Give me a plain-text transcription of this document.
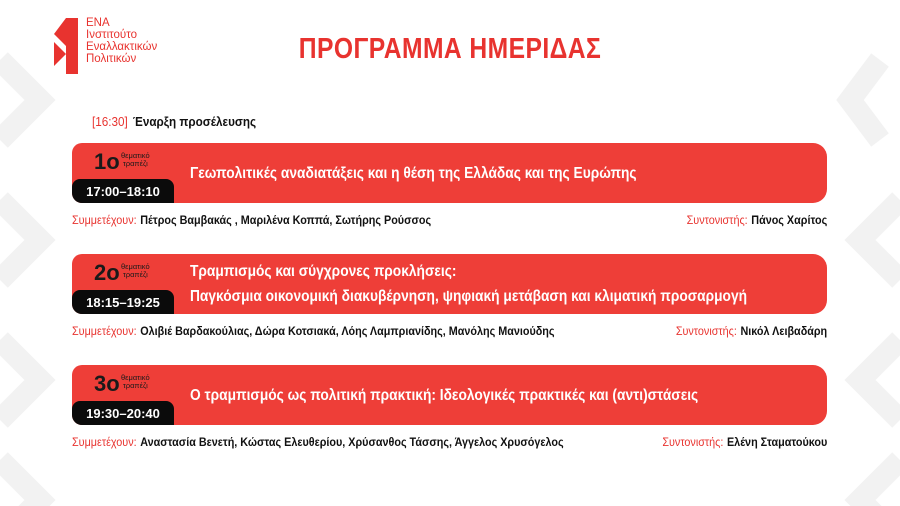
ΕΝΑ
Ινστιτούτο
Εναλλακτικών
Πολιτικών	ΠΡΟΓΡΑΜΜΑ ΗΜΕΡΙΔΑΣ
[16:30] Έναρξη προσέλευσης
1ο θεματικό
τραπέζι
17:00–18:10
Γεωπολιτικές αναδιατάξεις και η θέση της Ελλάδας και της Ευρώπης
Συμμετέχουν: Πέτρος Βαμβακάς , Μαριλένα Κοππά, Σωτήρης Ρούσσος	Συντονιστής: Πάνος Χαρίτος
2ο θεματικό
τραπέζι
18:15–19:25
Τραμπισμός και σύγχρονες προκλήσεις:
Παγκόσμια οικονομική διακυβέρνηση, ψηφιακή μετάβαση και κλιματική προσαρμογή
Συμμετέχουν: Ολιβιέ Βαρδακούλιας, Δώρα Κοτσιακά, Λόης Λαμπριανίδης, Μανόλης Μανιούδης	Συντονιστής: Νικόλ Λειβαδάρη
3ο θεματικό
τραπέζι
19:30–20:40
Ο τραμπισμός ως πολιτική πρακτική: Ιδεολογικές πρακτικές και (αντι)στάσεις
Συμμετέχουν: Αναστασία Βενετή, Κώστας Ελευθερίου, Χρύσανθος Τάσσης, Άγγελος Χρυσόγελος	Συντονιστής: Ελένη Σταματούκου
